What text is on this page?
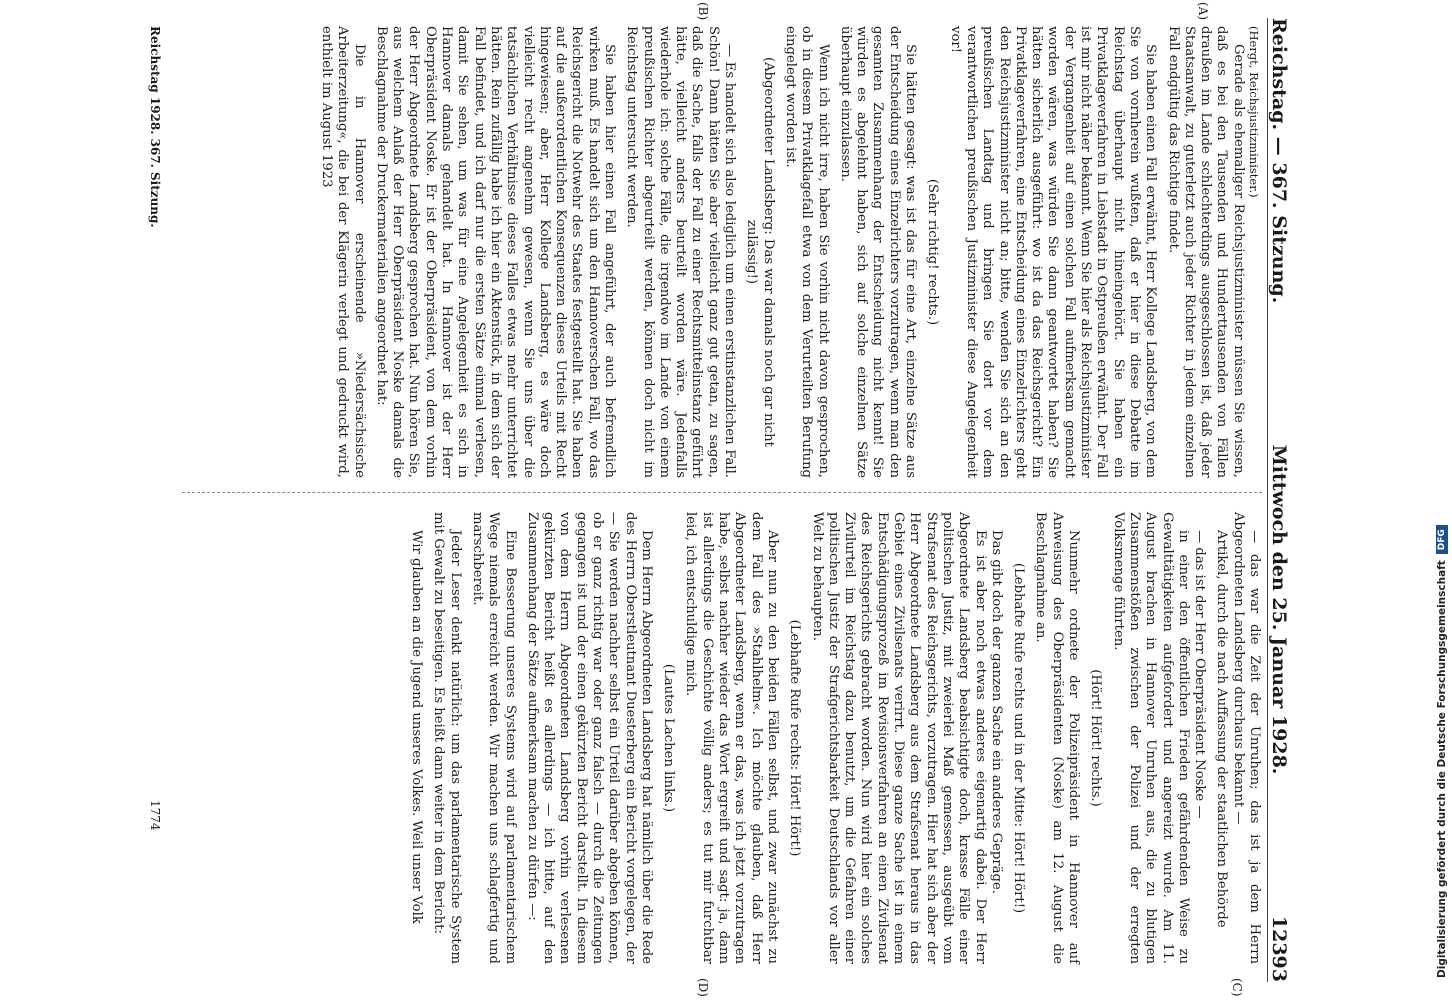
Reichstag. — 367. Sitzung.
Mittwoch den 25. Januar 1928.
12393
(A)
(B)
(C)
(D)

(Hergt, Reichsjustizminister.)

Gerade als ehemaliger Reichsjustizminister müssen Sie wissen, daß es bei den Tausenden und Hunderttausenden von Fällen draußen im Lande schlechterdings ausgeschlossen ist, daß jeder Staatsanwalt, zu guterletzt auch jeder Richter in jedem einzelnen Fall endgültig das Richtige findet.

Sie haben einen Fall erwähnt, Herr Kollege Landsberg, von dem Sie von vornherein wußten, daß er hier in diese Debatte im Reichstag überhaupt nicht hineingehört. Sie haben ein Privatklageverfahren in Liebstadt in Ostpreußen erwähnt. Der Fall ist mir nicht näher bekannt. Wenn Sie hier als Reichsjustizminister der Vergangenheit auf einen solchen Fall aufmerksam gemacht worden wären, was würden Sie dann geantwortet haben? Sie hätten sicherlich ausgeführt: wo ist da das Reichsgericht? Ein Privatklageverfahren, eine Entscheidung eines Einzelrichters geht den Reichsjustizminister nicht an; bitte, wenden Sie sich an den preußischen Landtag und bringen Sie dort vor dem verantwortlichen preußischen Justizminister diese Angelegenheit vor!

(Sehr richtig! rechts.)

Sie hätten gesagt: was ist das für eine Art, einzelne Sätze aus der Entscheidung eines Einzelrichters vorzutragen, wenn man den gesamten Zusammenhang der Entscheidung nicht kennt! Sie würden es abgelehnt haben, sich auf solche einzelnen Sätze überhaupt einzulassen.

Wenn ich nicht irre, haben Sie vorhin nicht davon gesprochen, ob in diesem Privatklagefall etwa von dem Verurteilten Berufung eingelegt worden ist.

(Abgeordneter Landsberg: Das war damals noch gar nicht zulässig!)

— Es handelt sich also lediglich um einen erstinstanzlichen Fall. Schön! Dann hätten Sie aber vielleicht ganz gut getan, zu sagen, daß die Sache, falls der Fall zu einer Rechtsmittelinstanz geführt hätte, vielleicht anders beurteilt worden wäre. Jedenfalls wiederhole ich: solche Fälle, die irgendwo im Lande von einem preußischen Richter abgeurteilt werden, können doch nicht im Reichstag untersucht werden.

Sie haben hier einen Fall angeführt, der auch befremdlich wirken muß. Es handelt sich um den Hannoverschen Fall, wo das Reichsgericht die Notwehr des Staates festgestellt hat. Sie haben auf die außerordentlichen Konsequenzen dieses Urteils mit Recht hingewiesen; aber, Herr Kollege Landsberg, es wäre doch vielleicht recht angenehm gewesen, wenn Sie uns über die tatsächlichen Verhältnisse dieses Falles etwas mehr unterrichtet hätten. Rein zufällig habe ich hier ein Aktenstück, in dem sich der Fall befindet, und ich darf nur die ersten Sätze einmal verlesen, damit Sie sehen, um was für eine Angelegenheit es sich in Hannover damals gehandelt hat. In Hannover ist der Herr Oberpräsident Noske. Er ist der Oberpräsident, von dem vorhin der Herr Abgeordnete Landsberg gesprochen hat. Nun hören Sie, aus welchem Anlaß der Herr Oberpräsident Noske damals die Beschlagnahme der Druckermaterialien angeordnet hat:

Die in Hannover erscheinende »Niedersächsische Arbeiterzeitung«, die bei der Klägerin verlegt und gedruckt wird, enthielt im August 1923

— das war die Zeit der Unruhen; das ist ja dem Herrn Abgeordneten Landsberg durchaus bekannt —

Artikel, durch die nach Auffassung der staatlichen Behörde

— das ist der Herr Oberpräsident Noske —

in einer den öffentlichen Frieden gefährdenden Weise zu Gewalttätigkeiten aufgefordert und angereizt wurde. Am 11. August brachen in Hannover Unruhen aus, die zu blutigen Zusammenstößen zwischen der Polizei und der erregten Volksmenge führten.

(Hört! Hört! rechts.)

Nunmehr ordnete der Polizeipräsident in Hannover auf Anweisung des Oberpräsidenten (Noske) am 12. August die Beschlagnahme an.

(Lebhafte Rufe rechts und in der Mitte: Hört! Hört!)

Das gibt doch der ganzen Sache ein anderes Gepräge.

Es ist aber noch etwas anderes eigenartig dabei. Der Herr Abgeordnete Landsberg beabsichtigte doch, krasse Fälle einer politischen Justiz, mit zweierlei Maß gemessen, ausgeübt vom Strafsenat des Reichsgerichts, vorzutragen. Hier hat sich aber der Herr Abgeordnete Landsberg aus dem Strafsenat heraus in das Gebiet eines Zivilsenats verirrt. Diese ganze Sache ist in einem Entschädigungsprozeß im Revisionsverfahren an einen Zivilsenat des Reichsgerichts gebracht worden. Nun wird hier ein solches Zivilurteil im Reichstag dazu benutzt, um die Gefahren einer politischen Justiz der Strafgerichtsbarkeit Deutschlands vor aller Welt zu behaupten.

(Lebhafte Rufe rechts: Hört! Hört!)

Aber nun zu den beiden Fällen selbst, und zwar zunächst zu dem Fall des »Stahlhelm«. Ich möchte glauben, daß Herr Abgeordneter Landsberg, wenn er das, was ich jetzt vorzutragen habe, selbst nachher wieder das Wort ergreift und sagt: ja, dann ist allerdings die Geschichte völlig anders; es tut mir furchtbar leid, ich entschuldige mich.

(Lautes Lachen links.)

Dem Herrn Abgeordneten Landsberg hat nämlich über die Rede des Herrn Oberstleutnant Duesterberg ein Bericht vorgelegen, der — Sie werden nachher selbst ein Urteil darüber abgeben können, ob er ganz richtig war oder ganz falsch — durch die Zeitungen gegangen ist und der einen gekürzten Bericht darstellt. In diesem von dem Herrn Abgeordneten Landsberg vorhin verlesenen gekürzten Bericht heißt es allerdings — ich bitte, auf den Zusammenhang der Sätze aufmerksam machen zu dürfen —:

Eine Besserung unseres Systems wird auf parlamentarischem Wege niemals erreicht werden. Wir machen uns schlagfertig und marschbereit.

Jeder Leser denkt natürlich: um das parlamentarische System mit Gewalt zu beseitigen. Es heißt dann weiter in dem Bericht:

Wir glauben an die Jugend unseres Volkes. Weil unser Volk

Reichstag 1928. 367. Sitzung.
1774	Digitalisierung gefördert durch die Deutsche Forschungsgemeinschaft
DFG
